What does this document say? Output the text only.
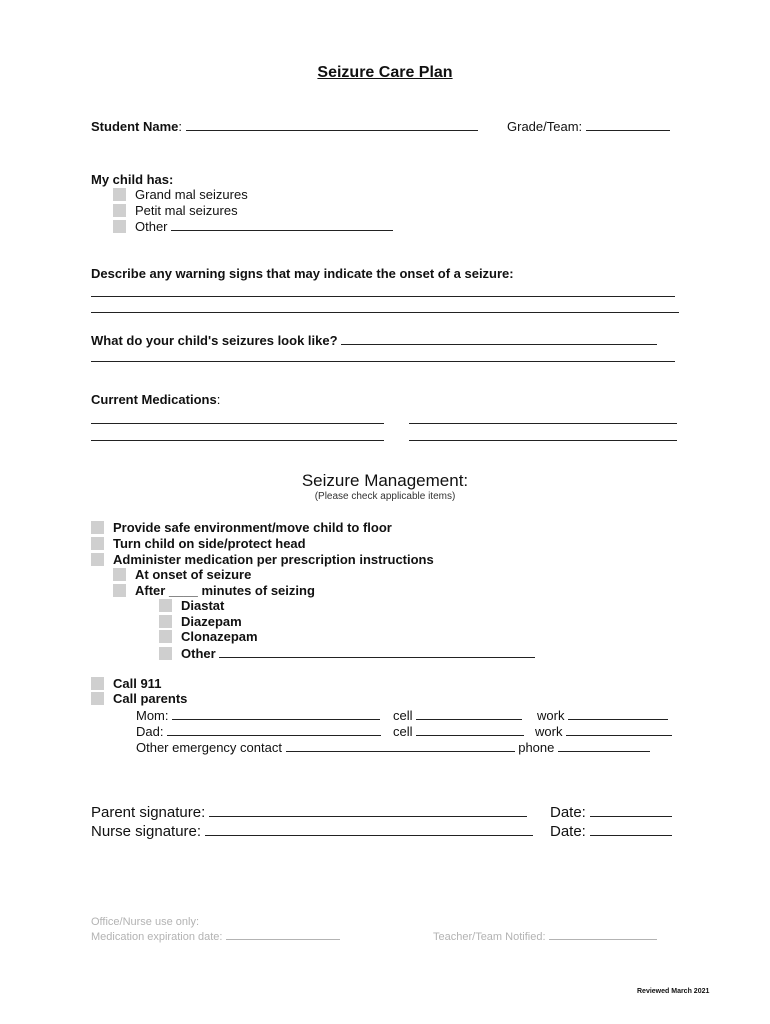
Seizure Care Plan
Student Name:	Grade/Team:
My child has:
Grand mal seizures
Petit mal seizures
Other
Describe any warning signs that may indicate the onset of a seizure:
What do your child's seizures look like?
Current Medications:
Seizure Management:
(Please check applicable items)
Provide safe environment/move child to floor
Turn child on side/protect head
Administer medication per prescription instructions
At onset of seizure
After ____ minutes of seizing
Diastat
Diazepam
Clonazepam
Other
Call 911
Call parents
Mom:	cell	work
Dad:	cell	work
Other emergency contact	phone
Parent signature:	Date:
Nurse signature:	Date:
Office/Nurse use only:
Medication expiration date:	Teacher/Team Notified:
Reviewed March 2021
